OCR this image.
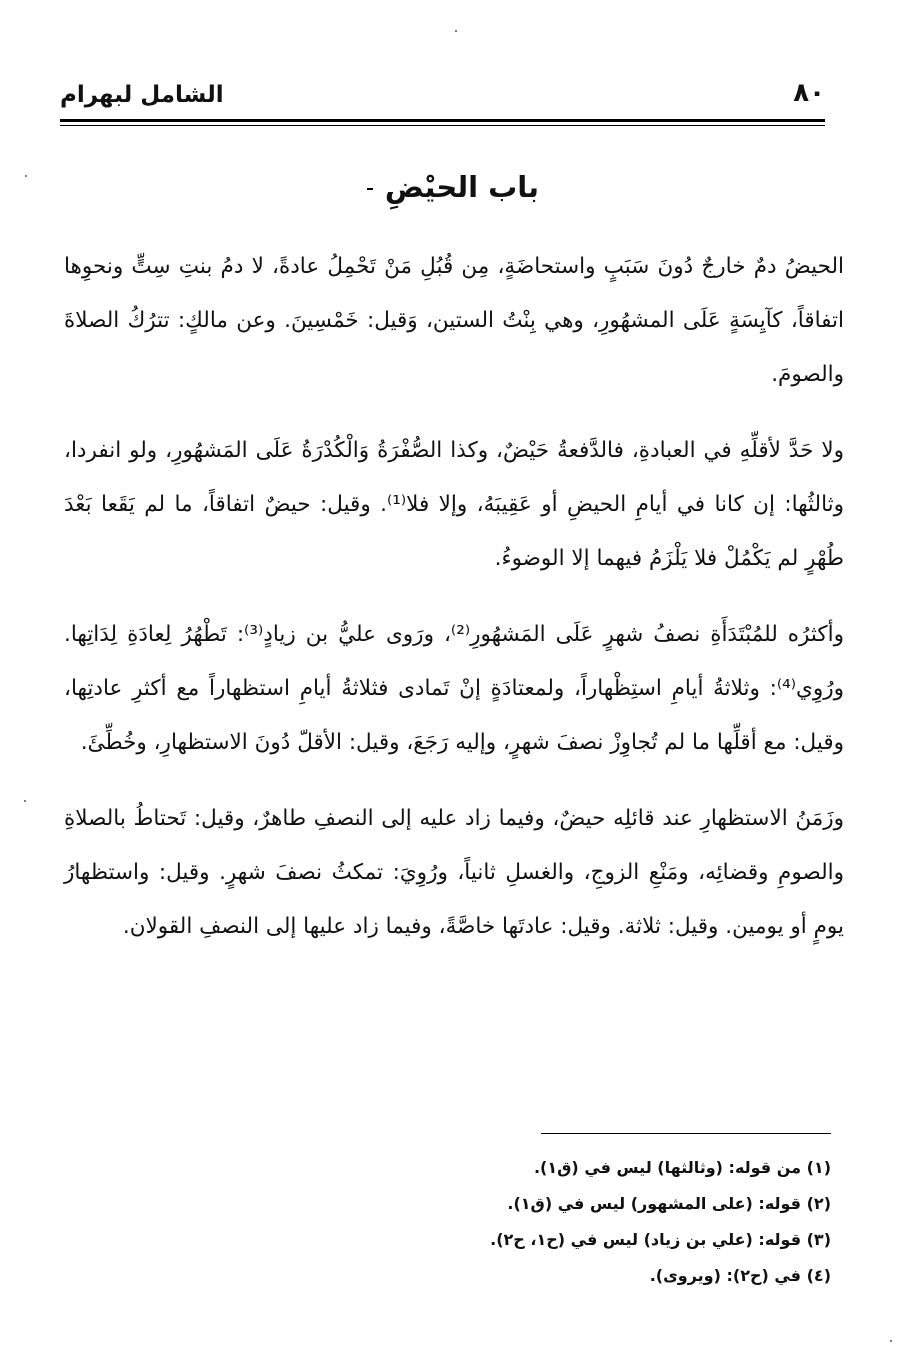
٨٠
الشامل لبهرام
باب الحيْضِ

الحيضُ دمٌ خارجٌ دُونَ سَبَبٍ واستحاضَةٍ، مِن قُبُلِ مَنْ تَحْمِلُ عادةً، لا دمُ بنتِ سِتٍّ ونحوِها اتفاقاً، كآيِسَةٍ عَلَى المشهُورِ، وهي بِنْتُ الستين، وَقيل: خَمْسِينَ. وعن مالكٍ: تترُكُ الصلاةَ والصومَ.

ولا حَدَّ لأقلِّهِ في العبادةِ، فالدَّفعةُ حَيْضٌ، وكذا الصُّفْرَةُ وَالْكُدْرَةُ عَلَى المَشهُورِ، ولو انفردا، وثالثُها: إن كانا في أيامِ الحيضِ أو عَقِيبَهُ، وإلا فلا⁽¹⁾. وقيل: حيضٌ اتفاقاً، ما لم يَقَعا بَعْدَ طُهْرٍ لم يَكْمُلْ فلا يَلْزَمُ فيهما إلا الوضوءُ.

وأكثرُه للمُبْتَدَأَةِ نصفُ شهرٍ عَلَى المَشهُورِ⁽²⁾، ورَوى عليُّ بن زيادٍ⁽³⁾: تَطْهُرُ لِعادَةِ لِدَاتِها. ورُوِي⁽⁴⁾: وثلاثةُ أيامِ استِظْهاراً، ولمعتادَةٍ إنْ تَمادى فثلاثةُ أيامِ استظهاراً مع أكثرِ عادتِها، وقيل: مع أقلِّها ما لم تُجاوِزْ نصفَ شهرٍ، وإليه رَجَعَ، وقيل: الأقلّ دُونَ الاستظهارِ، وخُطِّئَ.

وزَمَنُ الاستظهارِ عند قائلِه حيضٌ، وفيما زاد عليه إلى النصفِ طاهرٌ، وقيل: تَحتاطُ بالصلاةِ والصومِ وقضائِه، ومَنْعِ الزوجِ، والغسلِ ثانياً، ورُوِيَ: تمكثُ نصفَ شهرٍ. وقيل: واستظهارُ يومٍ أو يومين. وقيل: ثلاثة. وقيل: عادتَها خاصَّةً، وفيما زاد عليها إلى النصفِ القولان.

(١) من قوله: (وثالثها) ليس في (ق١).
(٢) قوله: (على المشهور) ليس في (ق١).
(٣) قوله: (علي بن زياد) ليس في (ح١، ح٢).
(٤) في (ح٢): (ويروى).
